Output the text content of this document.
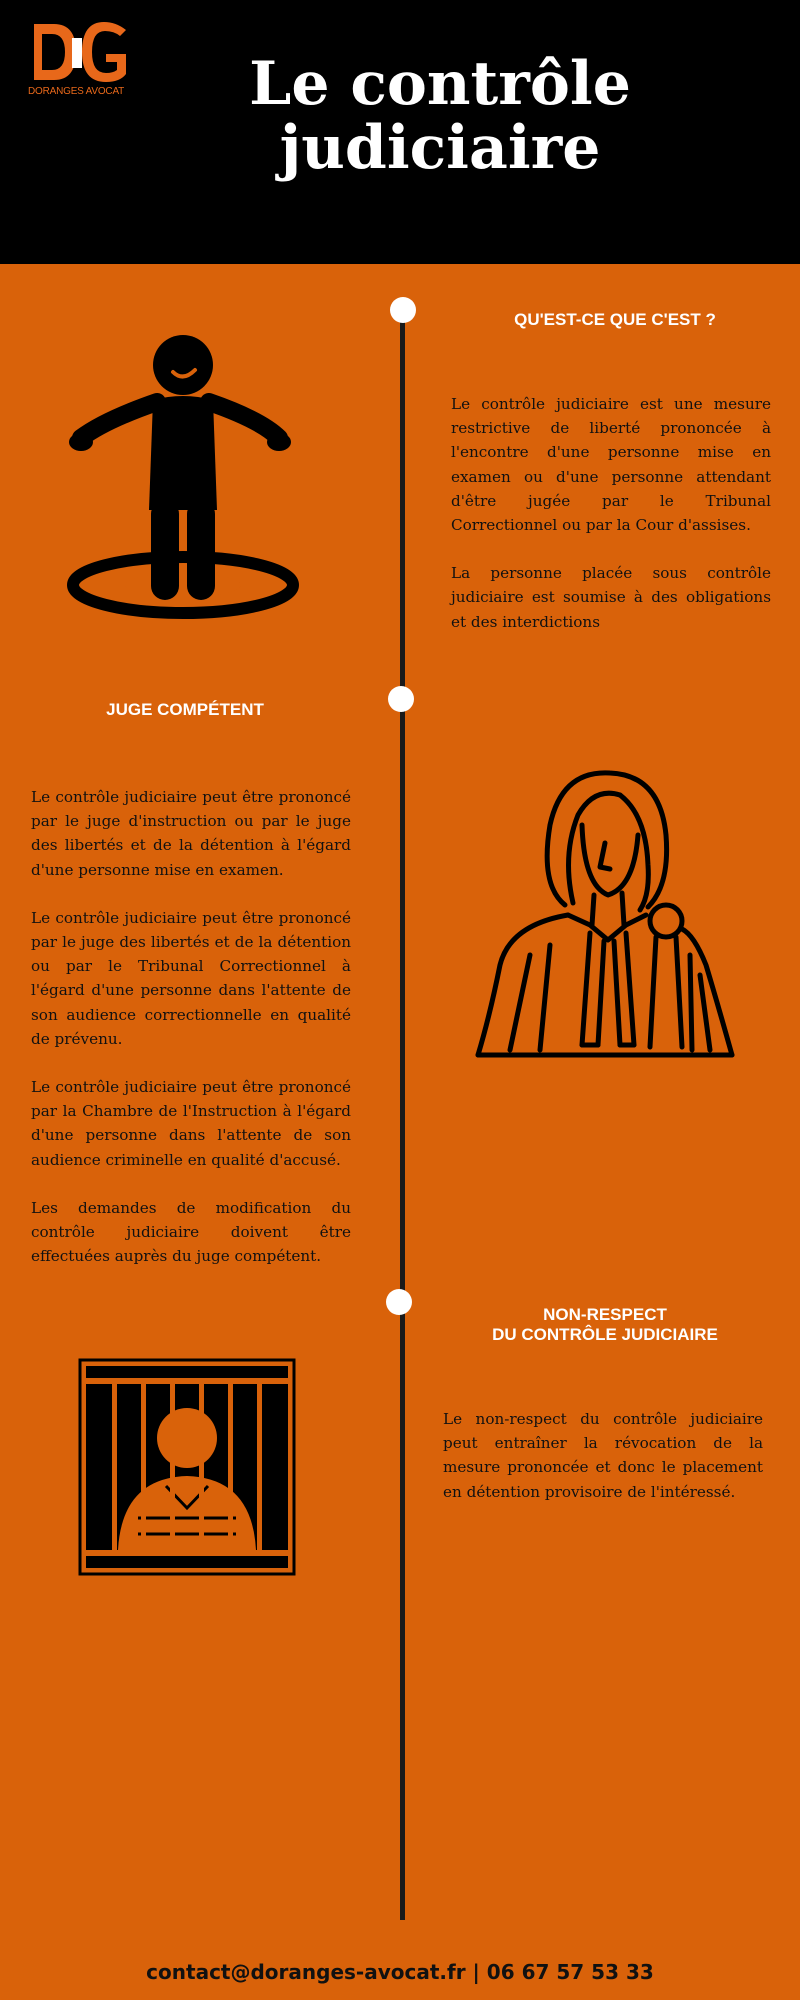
DORANGES AVOCAT	Le contrôle
judiciaire
QU'EST-CE QUE C'EST ?

Le contrôle judiciaire est une mesure restrictive de liberté prononcée à l'encontre d'une personne mise en examen ou d'une personne attendant d'être jugée par le Tribunal Correctionnel ou par la Cour d'assises.

La personne placée sous contrôle judiciaire est soumise à des obligations et des interdictions

JUGE COMPÉTENT

Le contrôle judiciaire peut être prononcé par le juge d'instruction ou par le juge des libertés et de la détention à l'égard d'une personne mise en examen.

Le contrôle judiciaire peut être prononcé par le juge des libertés et de la détention ou par le Tribunal Correctionnel à l'égard d'une personne dans l'attente de son audience correctionnelle en qualité de prévenu.

Le contrôle judiciaire peut être prononcé par la Chambre de l'Instruction à l'égard d'une personne dans l'attente de son audience criminelle en qualité d'accusé.

Les demandes de modification du contrôle judiciaire doivent être effectuées auprès du juge compétent.

NON-RESPECT
DU CONTRÔLE JUDICIAIRE

Le non-respect du contrôle judiciaire peut entraîner la révocation de la mesure prononcée et donc le placement en détention provisoire de l'intéressé.

contact@doranges-avocat.fr | 06 67 57 53 33
